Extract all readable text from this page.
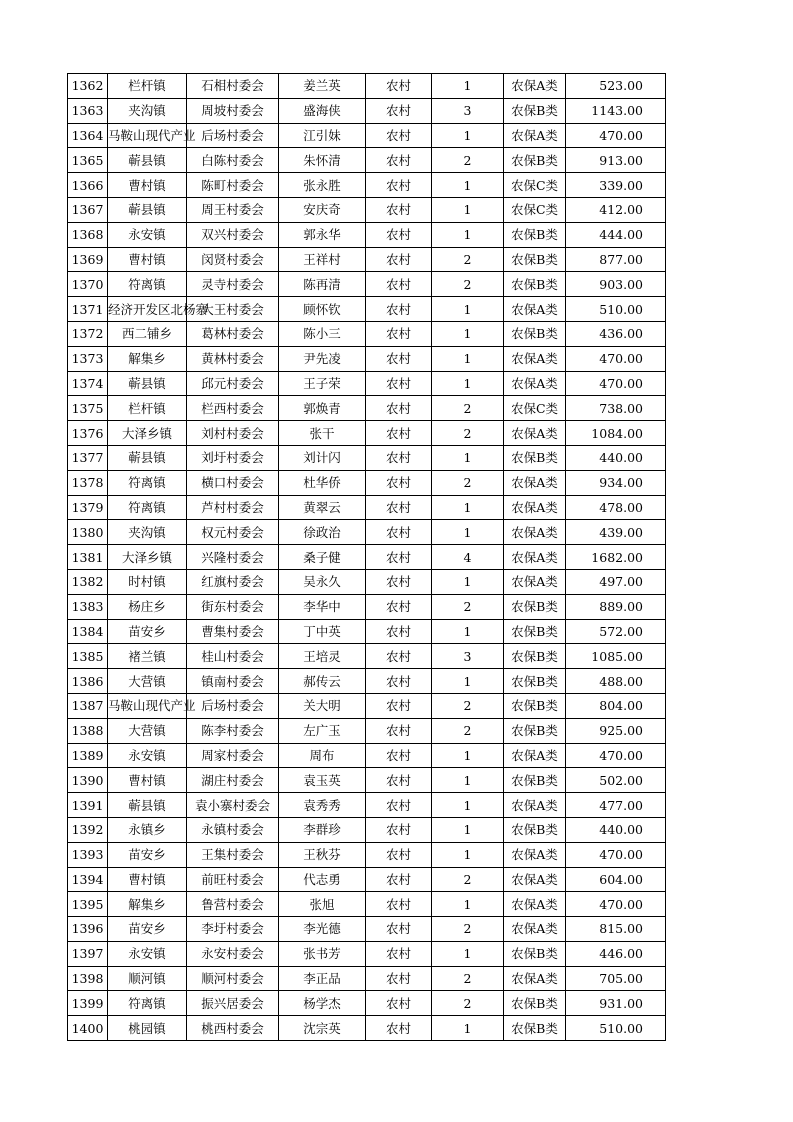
1362	栏杆镇	石相村委会	姜兰英	农村	1	农保A类	523.00
1363	夹沟镇	周坡村委会	盛海侠	农村	3	农保B类	1143.00
1364	马鞍山现代产业	后场村委会	江引妹	农村	1	农保A类	470.00
1365	蕲县镇	白陈村委会	朱怀清	农村	2	农保B类	913.00
1366	曹村镇	陈町村委会	张永胜	农村	1	农保C类	339.00
1367	蕲县镇	周王村委会	安庆奇	农村	1	农保C类	412.00
1368	永安镇	双兴村委会	郭永华	农村	1	农保B类	444.00
1369	曹村镇	闵贤村委会	王祥村	农村	2	农保B类	877.00
1370	符离镇	灵寺村委会	陈再清	农村	2	农保B类	903.00
1371	经济开发区北杨寨	大王村委会	顾怀钦	农村	1	农保A类	510.00
1372	西二铺乡	葛林村委会	陈小三	农村	1	农保B类	436.00
1373	解集乡	黄林村委会	尹先凌	农村	1	农保A类	470.00
1374	蕲县镇	邱元村委会	王子荣	农村	1	农保A类	470.00
1375	栏杆镇	栏西村委会	郭焕青	农村	2	农保C类	738.00
1376	大泽乡镇	刘村村委会	张干	农村	2	农保A类	1084.00
1377	蕲县镇	刘圩村委会	刘计闪	农村	1	农保B类	440.00
1378	符离镇	横口村委会	杜华侨	农村	2	农保A类	934.00
1379	符离镇	芦村村委会	黄翠云	农村	1	农保A类	478.00
1380	夹沟镇	权元村委会	徐政治	农村	1	农保A类	439.00
1381	大泽乡镇	兴隆村委会	桑子健	农村	4	农保A类	1682.00
1382	时村镇	红旗村委会	吴永久	农村	1	农保A类	497.00
1383	杨庄乡	街东村委会	李华中	农村	2	农保B类	889.00
1384	苗安乡	曹集村委会	丁中英	农村	1	农保B类	572.00
1385	褚兰镇	桂山村委会	王培灵	农村	3	农保B类	1085.00
1386	大营镇	镇南村委会	郝传云	农村	1	农保B类	488.00
1387	马鞍山现代产业	后场村委会	关大明	农村	2	农保B类	804.00
1388	大营镇	陈李村委会	左广玉	农村	2	农保B类	925.00
1389	永安镇	周家村委会	周布	农村	1	农保A类	470.00
1390	曹村镇	湖庄村委会	袁玉英	农村	1	农保B类	502.00
1391	蕲县镇	袁小寨村委会	袁秀秀	农村	1	农保A类	477.00
1392	永镇乡	永镇村委会	李群珍	农村	1	农保B类	440.00
1393	苗安乡	王集村委会	王秋芬	农村	1	农保A类	470.00
1394	曹村镇	前旺村委会	代志勇	农村	2	农保A类	604.00
1395	解集乡	鲁营村委会	张旭	农村	1	农保A类	470.00
1396	苗安乡	李圩村委会	李光德	农村	2	农保A类	815.00
1397	永安镇	永安村委会	张书芳	农村	1	农保B类	446.00
1398	顺河镇	顺河村委会	李正品	农村	2	农保A类	705.00
1399	符离镇	振兴居委会	杨学杰	农村	2	农保B类	931.00
1400	桃园镇	桃西村委会	沈宗英	农村	1	农保B类	510.00
